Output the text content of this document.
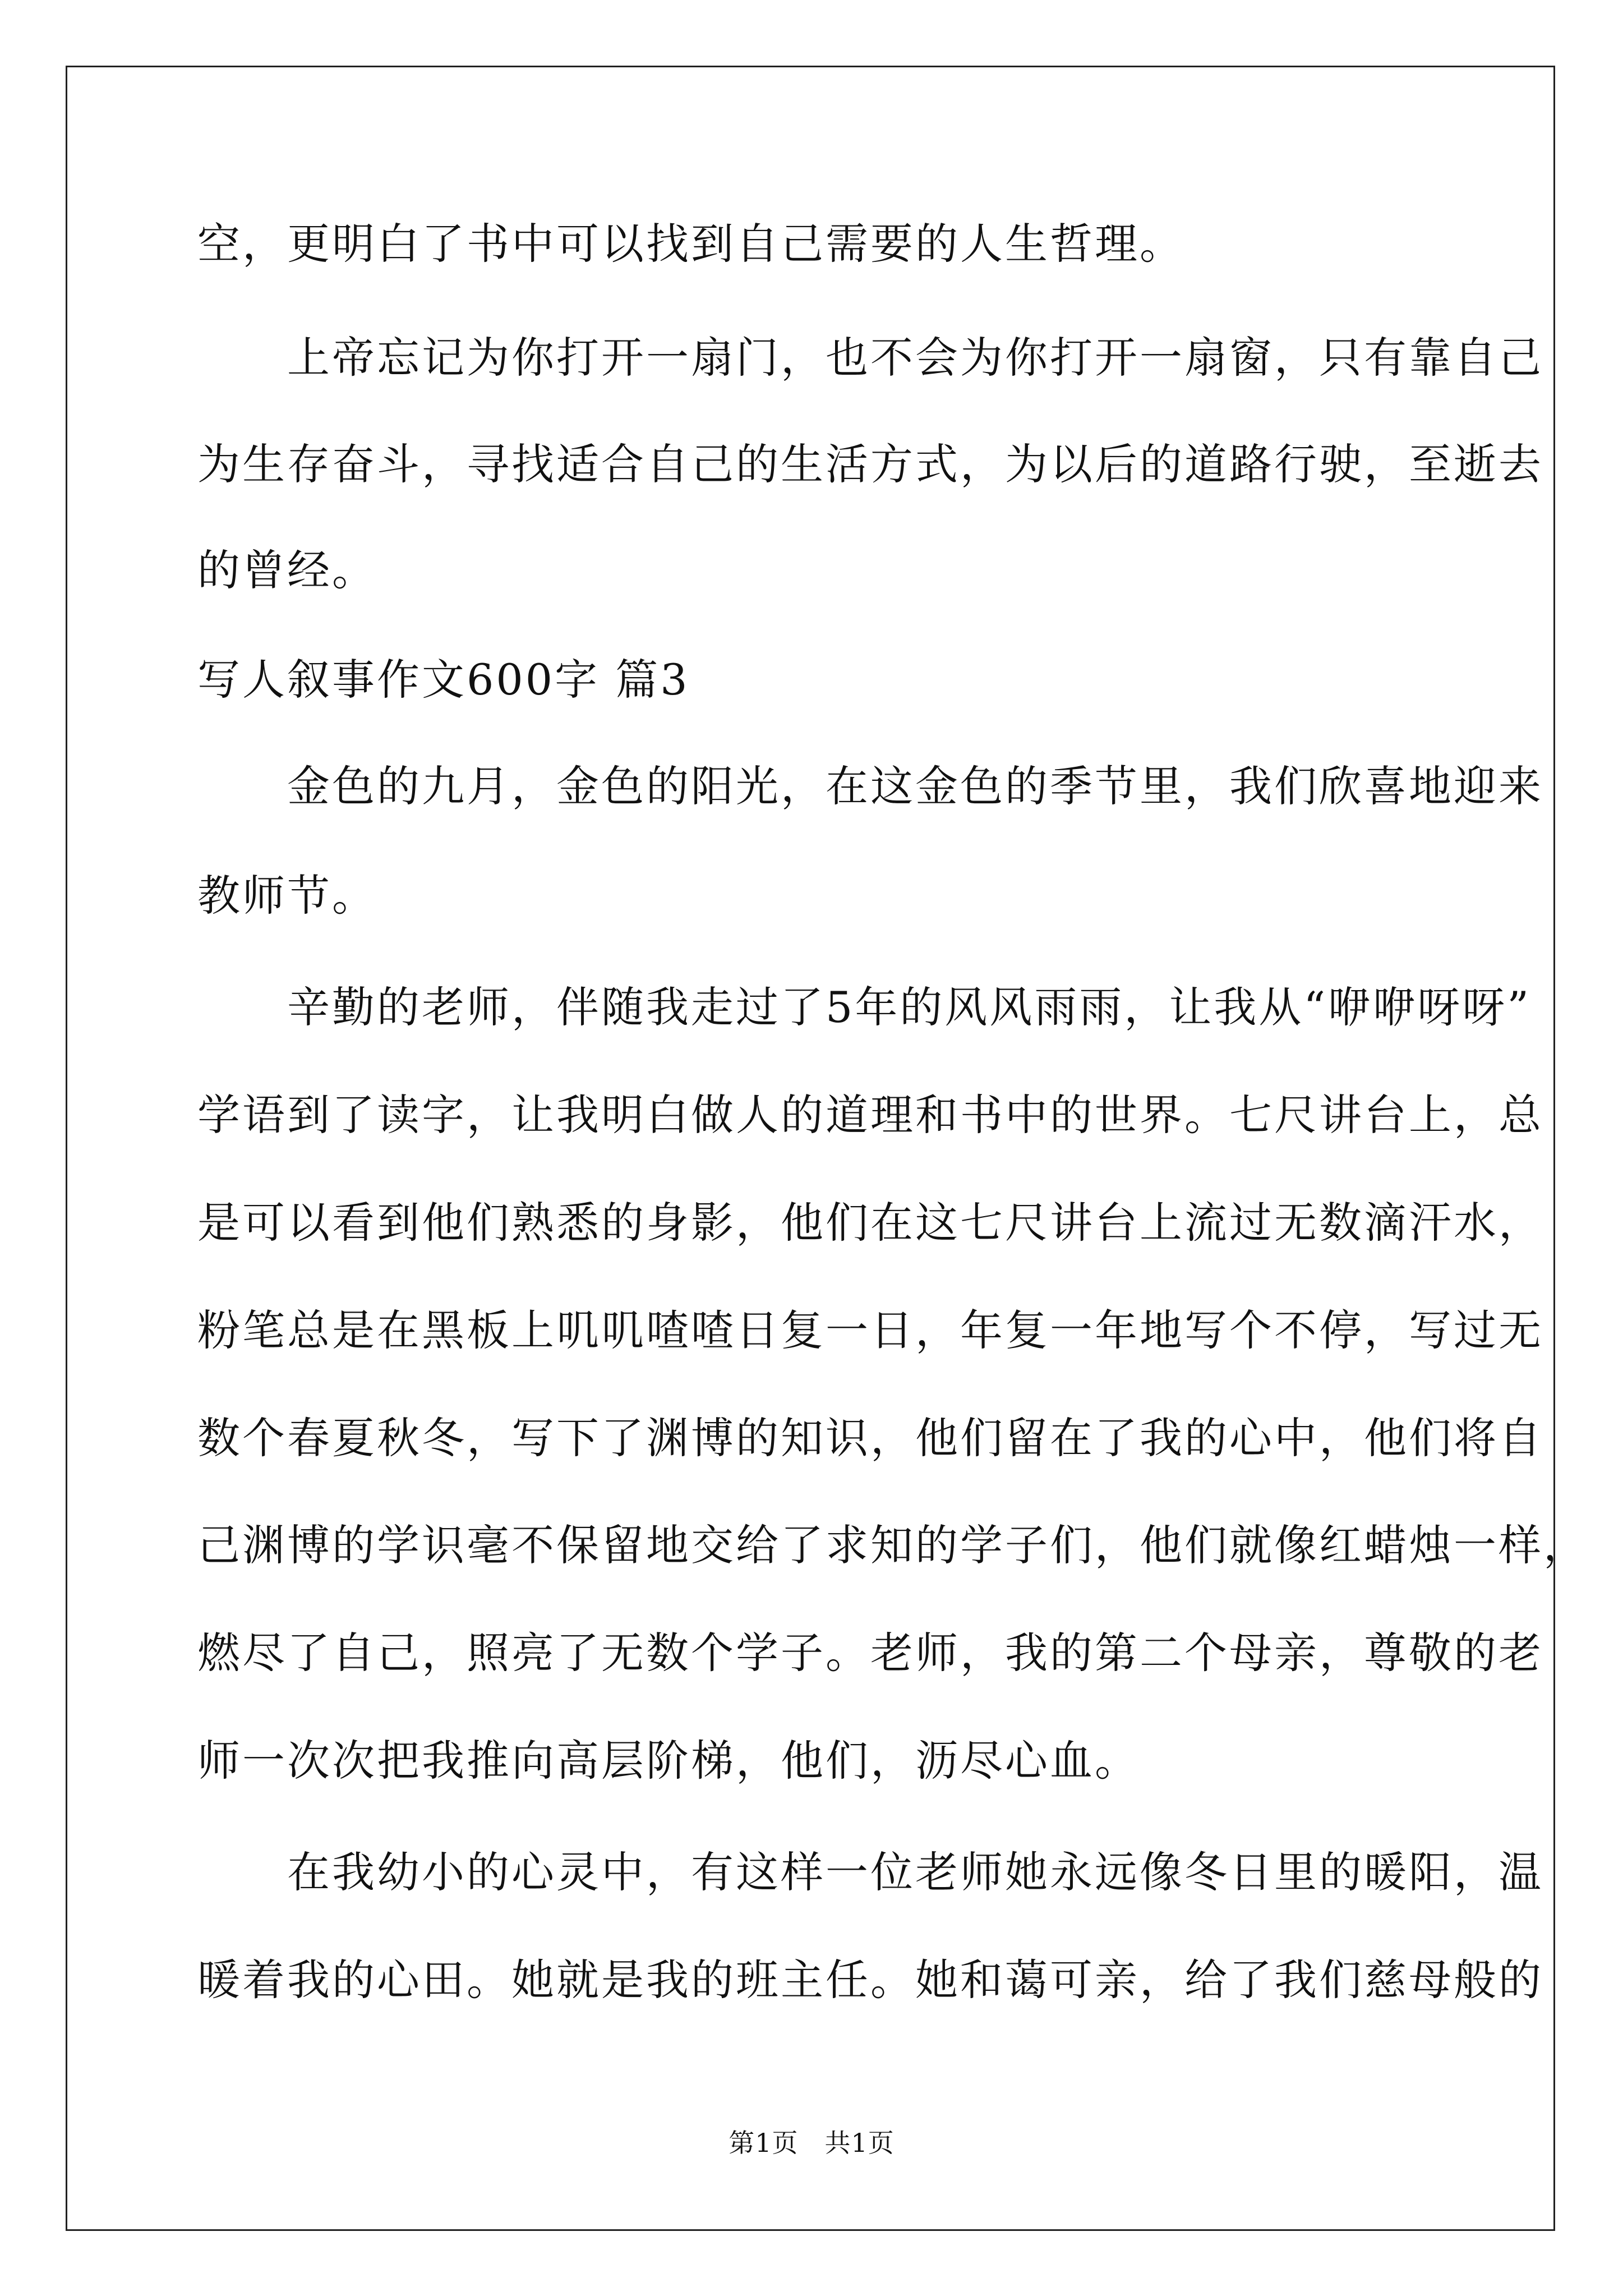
空，更明白了书中可以找到自己需要的人生哲理。
　　上帝忘记为你打开一扇门，也不会为你打开一扇窗，只有靠自己
为生存奋斗，寻找适合自己的生活方式，为以后的道路行驶，至逝去
的曾经。
写人叙事作文600字 篇3
　　金色的九月，金色的阳光，在这金色的季节里，我们欣喜地迎来
教师节。
　　辛勤的老师，伴随我走过了5年的风风雨雨，让我从“咿咿呀呀”
学语到了读字，让我明白做人的道理和书中的世界。七尺讲台上，总
是可以看到他们熟悉的身影，他们在这七尺讲台上流过无数滴汗水，
粉笔总是在黑板上叽叽喳喳日复一日，年复一年地写个不停，写过无
数个春夏秋冬，写下了渊博的知识，他们留在了我的心中，他们将自
己渊博的学识毫不保留地交给了求知的学子们，他们就像红蜡烛一样，
燃尽了自己，照亮了无数个学子。老师，我的第二个母亲，尊敬的老
师一次次把我推向高层阶梯，他们，沥尽心血。
　　在我幼小的心灵中，有这样一位老师她永远像冬日里的暖阳，温
暖着我的心田。她就是我的班主任。她和蔼可亲，给了我们慈母般的
第1页　共1页
